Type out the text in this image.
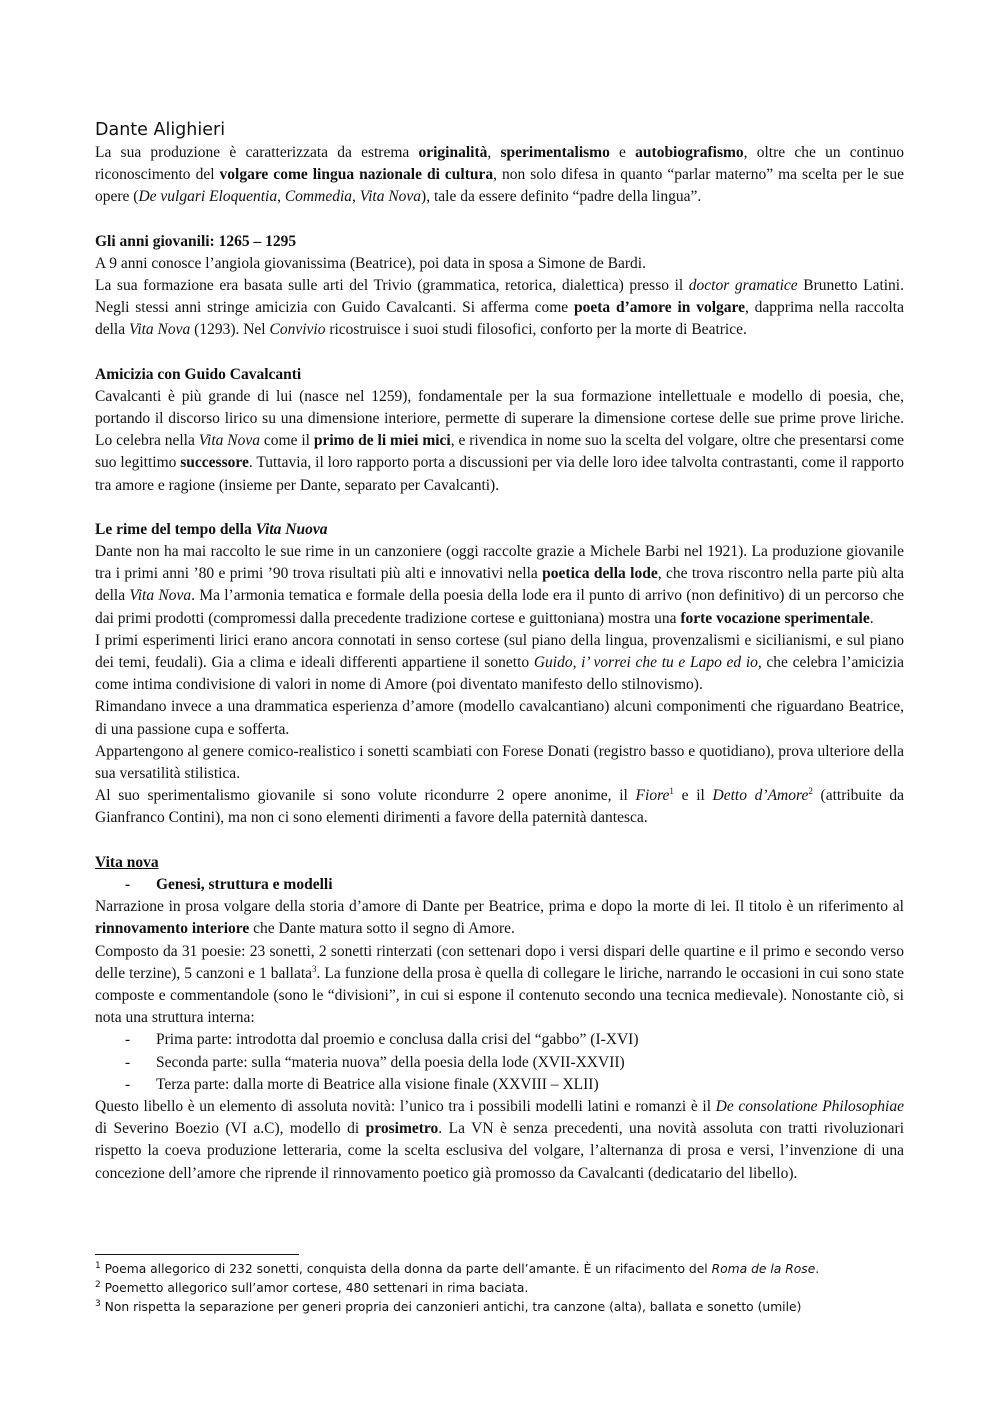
Dante Alighieri

La sua produzione è caratterizzata da estrema originalità, sperimentalismo e autobiografismo, oltre che un continuo riconoscimento del volgare come lingua nazionale di cultura, non solo difesa in quanto “parlar materno” ma scelta per le sue opere (De vulgari Eloquentia, Commedia, Vita Nova), tale da essere definito “padre della lingua”.

Gli anni giovanili: 1265 – 1295

A 9 anni conosce l’angiola giovanissima (Beatrice), poi data in sposa a Simone de Bardi.

La sua formazione era basata sulle arti del Trivio (grammatica, retorica, dialettica) presso il doctor gramatice Brunetto Latini. Negli stessi anni stringe amicizia con Guido Cavalcanti. Si afferma come poeta d’amore in volgare, dapprima nella raccolta della Vita Nova (1293). Nel Convivio ricostruisce i suoi studi filosofici, conforto per la morte di Beatrice.

Amicizia con Guido Cavalcanti

Cavalcanti è più grande di lui (nasce nel 1259), fondamentale per la sua formazione intellettuale e modello di poesia, che, portando il discorso lirico su una dimensione interiore, permette di superare la dimensione cortese delle sue prime prove liriche. Lo celebra nella Vita Nova come il primo de li miei mici, e rivendica in nome suo la scelta del volgare, oltre che presentarsi come suo legittimo successore. Tuttavia, il loro rapporto porta a discussioni per via delle loro idee talvolta contrastanti, come il rapporto tra amore e ragione (insieme per Dante, separato per Cavalcanti).

Le rime del tempo della Vita Nuova

Dante non ha mai raccolto le sue rime in un canzoniere (oggi raccolte grazie a Michele Barbi nel 1921). La produzione giovanile tra i primi anni ’80 e primi ’90 trova risultati più alti e innovativi nella poetica della lode, che trova riscontro nella parte più alta della Vita Nova. Ma l’armonia tematica e formale della poesia della lode era il punto di arrivo (non definitivo) di un percorso che dai primi prodotti (compromessi dalla precedente tradizione cortese e guittoniana) mostra una forte vocazione sperimentale.

I primi esperimenti lirici erano ancora connotati in senso cortese (sul piano della lingua, provenzalismi e sicilianismi, e sul piano dei temi, feudali). Gia a clima e ideali differenti appartiene il sonetto Guido, i’ vorrei che tu e Lapo ed io, che celebra l’amicizia come intima condivisione di valori in nome di Amore (poi diventato manifesto dello stilnovismo).

Rimandano invece a una drammatica esperienza d’amore (modello cavalcantiano) alcuni componimenti che riguardano Beatrice, di una passione cupa e sofferta.

Appartengono al genere comico-realistico i sonetti scambiati con Forese Donati (registro basso e quotidiano), prova ulteriore della sua versatilità stilistica.

Al suo sperimentalismo giovanile si sono volute ricondurre 2 opere anonime, il Fiore$^1$ e il Detto d’Amore$^2$ (attribuite da Gianfranco Contini), ma non ci sono elementi dirimenti a favore della paternità dantesca.

Vita nova
- Genesi, struttura e modelli

Narrazione in prosa volgare della storia d’amore di Dante per Beatrice, prima e dopo la morte di lei. Il titolo è un riferimento al rinnovamento interiore che Dante matura sotto il segno di Amore.

Composto da 31 poesie: 23 sonetti, 2 sonetti rinterzati (con settenari dopo i versi dispari delle quartine e il primo e secondo verso delle terzine), 5 canzoni e 1 ballata$^3$. La funzione della prosa è quella di collegare le liriche, narrando le occasioni in cui sono state composte e commentandole (sono le “divisioni”, in cui si espone il contenuto secondo una tecnica medievale). Nonostante ciò, si nota una struttura interna:

- Prima parte: introdotta dal proemio e conclusa dalla crisi del “gabbo” (I-XVI)
- Seconda parte: sulla “materia nuova” della poesia della lode (XVII-XXVII)
- Terza parte: dalla morte di Beatrice alla visione finale (XXVIII – XLII)

Questo libello è un elemento di assoluta novità: l’unico tra i possibili modelli latini e romanzi è il De consolatione Philosophiae di Severino Boezio (VI a.C), modello di prosimetro. La VN è senza precedenti, una novità assoluta con tratti rivoluzionari rispetto la coeva produzione letteraria, come la scelta esclusiva del volgare, l’alternanza di prosa e versi, l’invenzione di una concezione dell’amore che riprende il rinnovamento poetico già promosso da Cavalcanti (dedicatario del libello).

$^1$ Poema allegorico di 232 sonetti, conquista della donna da parte dell’amante. È un rifacimento del Roma de la Rose.
$^2$ Poemetto allegorico sull’amor cortese, 480 settenari in rima baciata.
$^3$ Non rispetta la separazione per generi propria dei canzonieri antichi, tra canzone (alta), ballata e sonetto (umile)
